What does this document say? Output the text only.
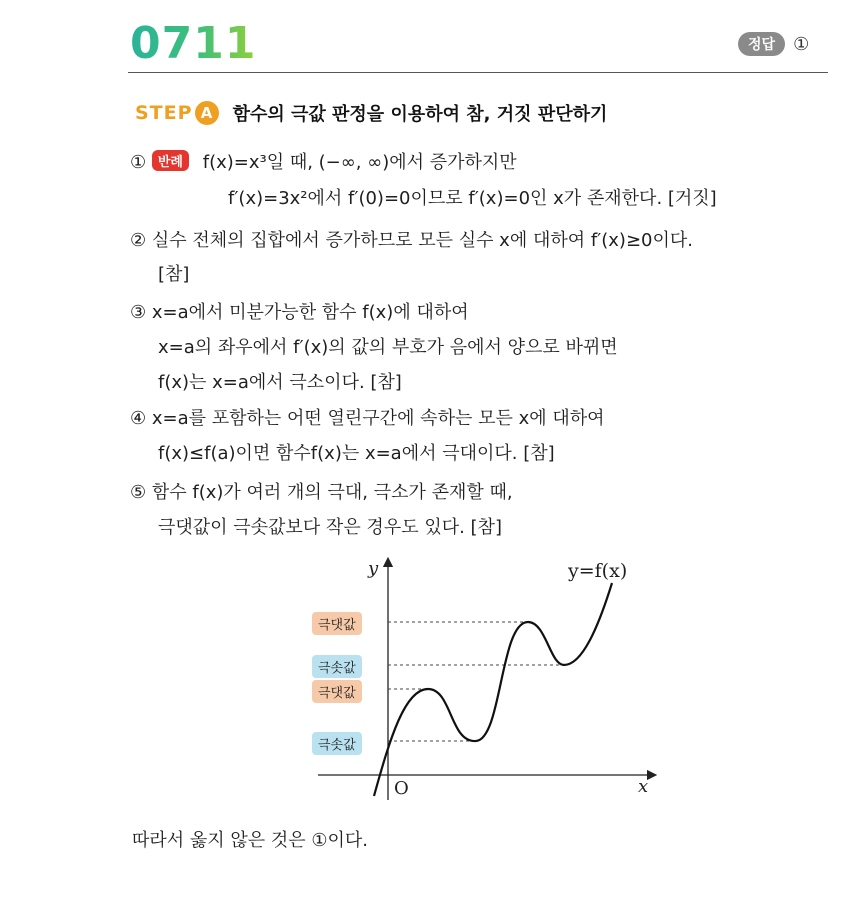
0711	정답	①
STEP A	함수의 극값 판정을 이용하여 참, 거짓 판단하기
① 반례 f(x)=x³일 때, (−∞, ∞)에서 증가하지만
f′(x)=3x²에서 f′(0)=0이므로 f′(x)=0인 x가 존재한다. [거짓]
② 실수 전체의 집합에서 증가하므로 모든 실수 x에 대하여 f′(x)≥0이다.
[참]
③ x=a에서 미분가능한 함수 f(x)에 대하여
x=a의 좌우에서 f′(x)의 값의 부호가 음에서 양으로 바뀌면
f(x)는 x=a에서 극소이다. [참]
④ x=a를 포함하는 어떤 열린구간에 속하는 모든 x에 대하여
f(x)≤f(a)이면 함수f(x)는 x=a에서 극대이다. [참]
⑤ 함수 f(x)가 여러 개의 극대, 극소가 존재할 때,
극댓값이 극솟값보다 작은 경우도 있다. [참]
y
x
O
y=f(x)
극댓값
극솟값
극댓값
극솟값
따라서 옳지 않은 것은 ①이다.
